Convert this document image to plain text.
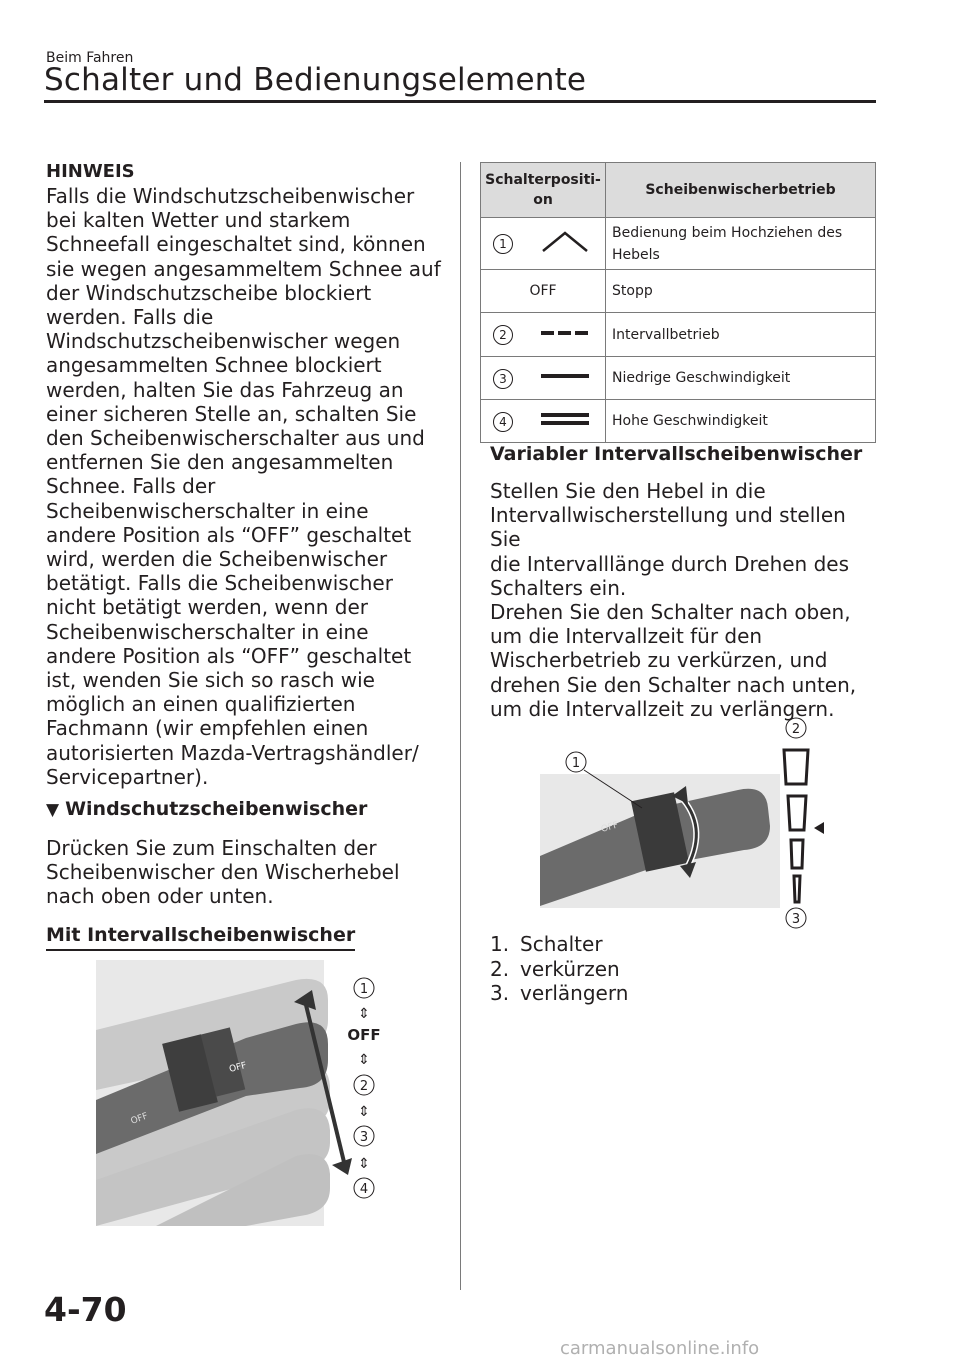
Beim Fahren
Schalter und Bedienungselemente
HINWEIS
Falls die Windschutzscheibenwischer
bei kalten Wetter und starkem
Schneefall eingeschaltet sind, können
sie wegen angesammeltem Schnee auf
der Windschutzscheibe blockiert
werden. Falls die
Windschutzscheibenwischer wegen
angesammelten Schnee blockiert
werden, halten Sie das Fahrzeug an
einer sicheren Stelle an, schalten Sie
den Scheibenwischerschalter aus und
entfernen Sie den angesammelten
Schnee. Falls der
Scheibenwischerschalter in eine
andere Position als “OFF” geschaltet
wird, werden die Scheibenwischer
betätigt. Falls die Scheibenwischer
nicht betätigt werden, wenn der
Scheibenwischerschalter in eine
andere Position als “OFF” geschaltet
ist, wenden Sie sich so rasch wie
möglich an einen qualifizierten
Fachmann (wir empfehlen einen
autorisierten Mazda-Vertragshändler/
Servicepartner).
▼ Windschutzscheibenwischer
Drücken Sie zum Einschalten der
Scheibenwischer den Wischerhebel
nach oben oder unten.
Mit Intervallscheibenwischer
OFF
OFF
1
⇕
OFF
⇕
2
⇕
3
⇕
4
Schalterpositi-
on		Scheibenwischerbetrieb
1		Bedienung beim Hochziehen des Hebels
OFF		Stopp
2		Intervallbetrieb
3		Niedrige Geschwindigkeit
4		Hohe Geschwindigkeit
Variabler Intervallscheibenwischer
Stellen Sie den Hebel in die
Intervallwischerstellung und stellen Sie
die Intervalllänge durch Drehen des
Schalters ein.
Drehen Sie den Schalter nach oben,
um die Intervallzeit für den
Wischerbetrieb zu verkürzen, und
drehen Sie den Schalter nach unten,
um die Intervallzeit zu verlängern.
OFF
1
2
3
1. Schalter
2. verkürzen
3. verlängern
4-70
carmanualsonline.info
